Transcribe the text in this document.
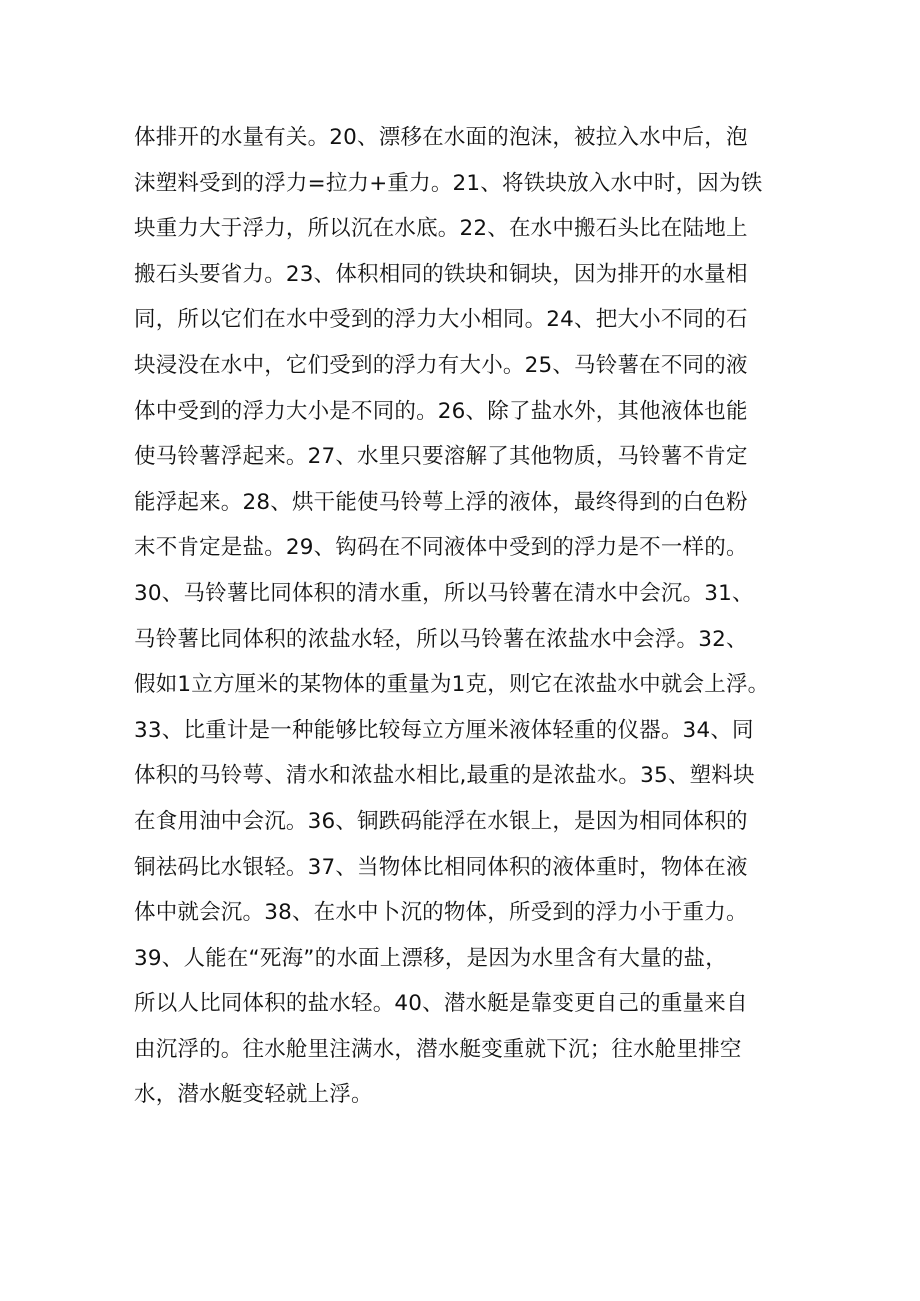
体排开的水量有关。20、漂移在水面的泡沫，被拉入水中后，泡
沫塑料受到的浮力=拉力+重力。21、将铁块放入水中时，因为铁
块重力大于浮力，所以沉在水底。22、在水中搬石头比在陆地上
搬石头要省力。23、体积相同的铁块和铜块，因为排开的水量相
同，所以它们在水中受到的浮力大小相同。24、把大小不同的石
块浸没在水中，它们受到的浮力有大小。25、马铃薯在不同的液
体中受到的浮力大小是不同的。26、除了盐水外，其他液体也能
使马铃薯浮起来。27、水里只要溶解了其他物质，马铃薯不肯定
能浮起来。28、烘干能使马铃萼上浮的液体，最终得到的白色粉
末不肯定是盐。29、钩码在不同液体中受到的浮力是不一样的。
30、马铃薯比同体积的清水重，所以马铃薯在清水中会沉。31、
马铃薯比同体积的浓盐水轻，所以马铃薯在浓盐水中会浮。32、
假如1立方厘米的某物体的重量为1克，则它在浓盐水中就会上浮。
33、比重计是一种能够比较每立方厘米液体轻重的仪器。34、同
体积的马铃萼、清水和浓盐水相比,最重的是浓盐水。35、塑料块
在食用油中会沉。36、铜跌码能浮在水银上，是因为相同体积的
铜祛码比水银轻。37、当物体比相同体积的液体重时，物体在液
体中就会沉。38、在水中卜沉的物体，所受到的浮力小于重力。
39、人能在“死海”的水面上漂移，是因为水里含有大量的盐，
所以人比同体积的盐水轻。40、潜水艇是靠变更自己的重量来自
由沉浮的。往水舱里注满水，潜水艇变重就下沉；往水舱里排空
水，潜水艇变轻就上浮。
